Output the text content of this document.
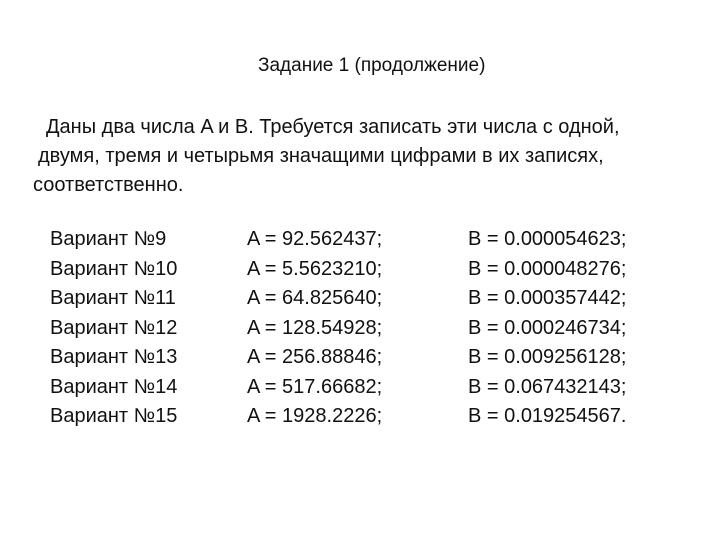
Задание 1 (продолжение)
Даны два числа A и B. Требуется записать эти числа с одной,
двумя, тремя и четырьмя значащими цифрами в их записях,
соответственно.
Вариант №9	A = 92.562437;	B = 0.000054623;
Вариант №10	A = 5.5623210;	B = 0.000048276;
Вариант №11	A = 64.825640;	B = 0.000357442;
Вариант №12	A = 128.54928;	B = 0.000246734;
Вариант №13	A = 256.88846;	B = 0.009256128;
Вариант №14	A = 517.66682;	B = 0.067432143;
Вариант №15	A = 1928.2226;	B = 0.019254567.
